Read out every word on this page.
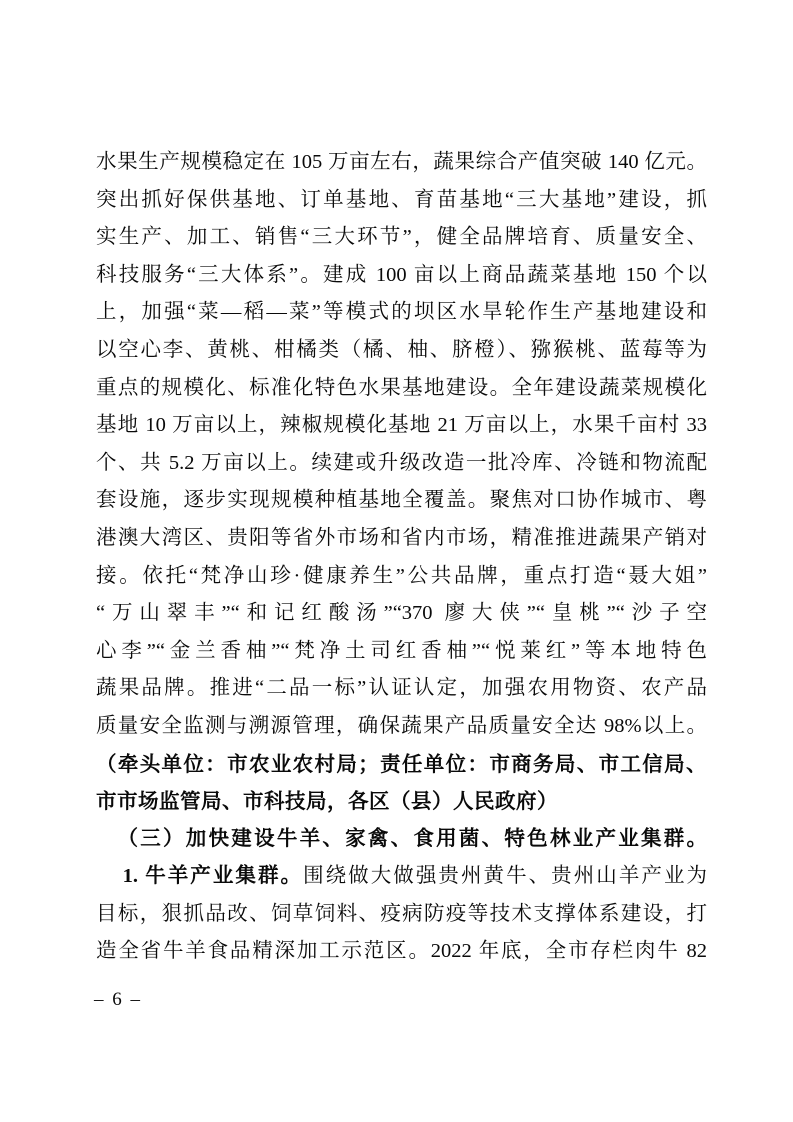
水果生产规模稳定在 105 万亩左右，蔬果综合产值突破 140 亿元。

突出抓好保供基地、订单基地、育苗基地“三大基地”建设，抓

实生产、加工、销售“三大环节”，健全品牌培育、质量安全、

科技服务“三大体系”。建成 100 亩以上商品蔬菜基地 150 个以

上，加强“菜—稻—菜”等模式的坝区水旱轮作生产基地建设和

以空心李、黄桃、柑橘类（橘、柚、脐橙）、猕猴桃、蓝莓等为

重点的规模化、标准化特色水果基地建设。全年建设蔬菜规模化

基地 10 万亩以上，辣椒规模化基地 21 万亩以上，水果千亩村 33

个、共 5.2 万亩以上。续建或升级改造一批冷库、冷链和物流配

套设施，逐步实现规模种植基地全覆盖。聚焦对口协作城市、粤

港澳大湾区、贵阳等省外市场和省内市场，精准推进蔬果产销对

接。依托“梵净山珍·健康养生”公共品牌，重点打造“聂大姐”

“万山翠丰”“和记红酸汤”“370 廖大侠”“皇桃”“沙子空

心李”“金兰香柚”“梵净土司红香柚”“悦莱红”等本地特色

蔬果品牌。推进“二品一标”认证认定，加强农用物资、农产品

质量安全监测与溯源管理，确保蔬果产品质量安全达 98%以上。

（牵头单位：市农业农村局；责任单位：市商务局、市工信局、

市市场监管局、市科技局，各区（县）人民政府）

（三）加快建设牛羊、家禽、食用菌、特色林业产业集群。

1. 牛羊产业集群。围绕做大做强贵州黄牛、贵州山羊产业为

目标，狠抓品改、饲草饲料、疫病防疫等技术支撑体系建设，打

造全省牛羊食品精深加工示范区。2022 年底，全市存栏肉牛 82

– 6 –
